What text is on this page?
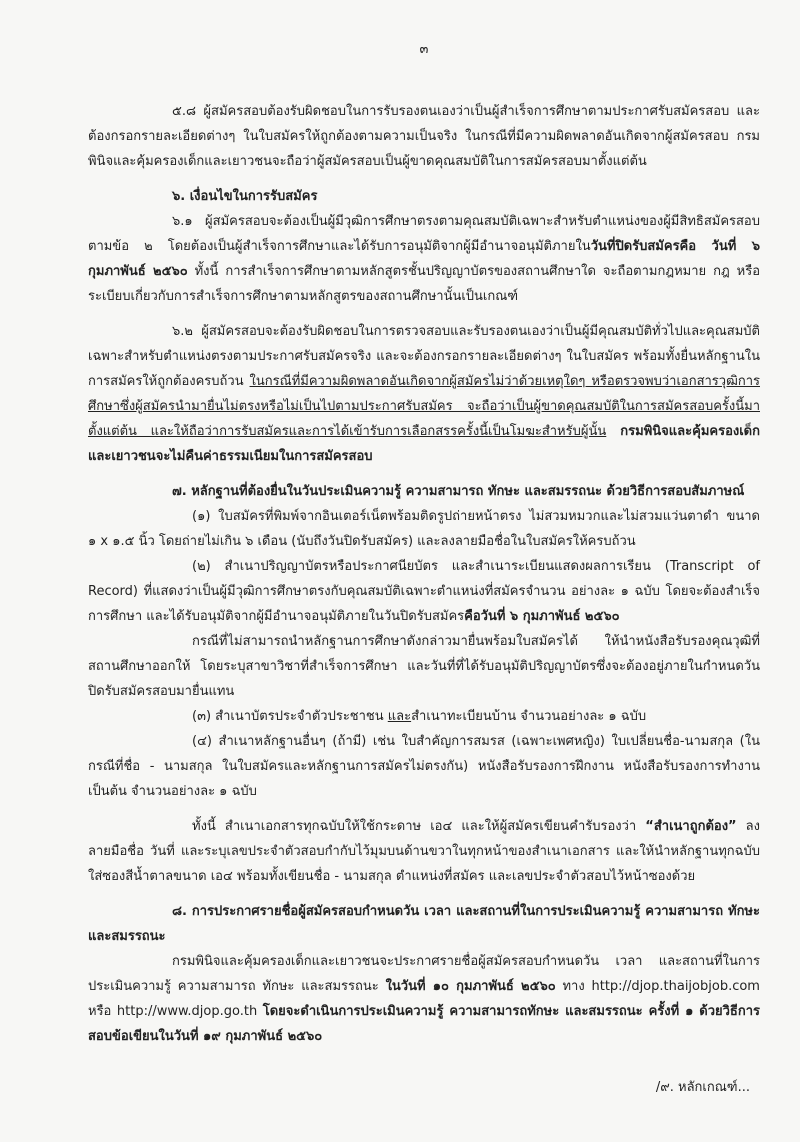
๓

๕.๘ ผู้สมัครสอบต้องรับผิดชอบในการรับรองตนเองว่าเป็นผู้สำเร็จการศึกษาตามประกาศรับสมัครสอบ และต้องกรอกรายละเอียดต่างๆ ในใบสมัครให้ถูกต้องตามความเป็นจริง ในกรณีที่มีความผิดพลาดอันเกิดจากผู้สมัครสอบ กรมพินิจและคุ้มครองเด็กและเยาวชนจะถือว่าผู้สมัครสอบเป็นผู้ขาดคุณสมบัติในการสมัครสอบมาตั้งแต่ต้น

๖. เงื่อนไขในการรับสมัคร

๖.๑ ผู้สมัครสอบจะต้องเป็นผู้มีวุฒิการศึกษาตรงตามคุณสมบัติเฉพาะสำหรับตำแหน่งของผู้มีสิทธิสมัครสอบตามข้อ ๒ โดยต้องเป็นผู้สำเร็จการศึกษาและได้รับการอนุมัติจากผู้มีอำนาจอนุมัติภายในวันที่ปิดรับสมัครคือ วันที่ ๖ กุมภาพันธ์ ๒๕๖๐ ทั้งนี้ การสำเร็จการศึกษาตามหลักสูตรชั้นปริญญาบัตรของสถานศึกษาใด จะถือตามกฎหมาย กฎ หรือระเบียบเกี่ยวกับการสำเร็จการศึกษาตามหลักสูตรของสถานศึกษานั้นเป็นเกณฑ์

๖.๒ ผู้สมัครสอบจะต้องรับผิดชอบในการตรวจสอบและรับรองตนเองว่าเป็นผู้มีคุณสมบัติทั่วไปและคุณสมบัติเฉพาะสำหรับตำแหน่งตรงตามประกาศรับสมัครจริง และจะต้องกรอกรายละเอียดต่างๆ ในใบสมัคร พร้อมทั้งยื่นหลักฐานในการสมัครให้ถูกต้องครบถ้วน ในกรณีที่มีความผิดพลาดอันเกิดจากผู้สมัครไม่ว่าด้วยเหตุใดๆ หรือตรวจพบว่าเอกสารวุฒิการศึกษาซึ่งผู้สมัครนำมายื่นไม่ตรงหรือไม่เป็นไปตามประกาศรับสมัคร จะถือว่าเป็นผู้ขาดคุณสมบัติในการสมัครสอบครั้งนี้มาตั้งแต่ต้น และให้ถือว่าการรับสมัครและการได้เข้ารับการเลือกสรรครั้งนี้เป็นโมฆะสำหรับผู้นั้น กรมพินิจและคุ้มครองเด็กและเยาวชนจะไม่คืนค่าธรรมเนียมในการสมัครสอบ

๗. หลักฐานที่ต้องยื่นในวันประเมินความรู้ ความสามารถ ทักษะ และสมรรถนะ ด้วยวิธีการสอบสัมภาษณ์

(๑) ใบสมัครที่พิมพ์จากอินเตอร์เน็ตพร้อมติดรูปถ่ายหน้าตรง ไม่สวมหมวกและไม่สวมแว่นตาดำ ขนาด ๑ x ๑.๕ นิ้ว โดยถ่ายไม่เกิน ๖ เดือน (นับถึงวันปิดรับสมัคร) และลงลายมือชื่อในใบสมัครให้ครบถ้วน

(๒) สำเนาปริญญาบัตรหรือประกาศนียบัตร และสำเนาระเบียนแสดงผลการเรียน (Transcript of Record) ที่แสดงว่าเป็นผู้มีวุฒิการศึกษาตรงกับคุณสมบัติเฉพาะตำแหน่งที่สมัครจำนวน อย่างละ ๑ ฉบับ โดยจะต้องสำเร็จการศึกษา และได้รับอนุมัติจากผู้มีอำนาจอนุมัติภายในวันปิดรับสมัครคือวันที่ ๖ กุมภาพันธ์ ๒๕๖๐

กรณีที่ไม่สามารถนำหลักฐานการศึกษาดังกล่าวมายื่นพร้อมใบสมัครได้ ให้นำหนังสือรับรองคุณวุฒิที่สถานศึกษาออกให้ โดยระบุสาขาวิชาที่สำเร็จการศึกษา และวันที่ที่ได้รับอนุมัติปริญญาบัตรซึ่งจะต้องอยู่ภายในกำหนดวันปิดรับสมัครสอบมายื่นแทน

(๓) สำเนาบัตรประจำตัวประชาชน และสำเนาทะเบียนบ้าน จำนวนอย่างละ ๑ ฉบับ

(๔) สำเนาหลักฐานอื่นๆ (ถ้ามี) เช่น ใบสำคัญการสมรส (เฉพาะเพศหญิง) ใบเปลี่ยนชื่อ-นามสกุล (ในกรณีที่ชื่อ - นามสกุล ในใบสมัครและหลักฐานการสมัครไม่ตรงกัน) หนังสือรับรองการฝึกงาน หนังสือรับรองการทำงาน เป็นต้น จำนวนอย่างละ ๑ ฉบับ

ทั้งนี้ สำเนาเอกสารทุกฉบับให้ใช้กระดาษ เอ๔ และให้ผู้สมัครเขียนคำรับรองว่า “สำเนาถูกต้อง” ลงลายมือชื่อ วันที่ และระบุเลขประจำตัวสอบกำกับไว้มุมบนด้านขวาในทุกหน้าของสำเนาเอกสาร และให้นำหลักฐานทุกฉบับใส่ซองสีน้ำตาลขนาด เอ๔ พร้อมทั้งเขียนชื่อ - นามสกุล ตำแหน่งที่สมัคร และเลขประจำตัวสอบไว้หน้าซองด้วย

๘. การประกาศรายชื่อผู้สมัครสอบกำหนดวัน เวลา และสถานที่ในการประเมินความรู้ ความสามารถ ทักษะ และสมรรถนะ

กรมพินิจและคุ้มครองเด็กและเยาวชนจะประกาศรายชื่อผู้สมัครสอบกำหนดวัน เวลา และสถานที่ในการประเมินความรู้ ความสามารถ ทักษะ และสมรรถนะ ในวันที่ ๑๐ กุมภาพันธ์ ๒๕๖๐ ทาง http://djop.thaijobjob.com หรือ http://www.djop.go.th โดยจะดำเนินการประเมินความรู้ ความสามารถทักษะ และสมรรถนะ ครั้งที่ ๑ ด้วยวิธีการสอบข้อเขียนในวันที่ ๑๙ กุมภาพันธ์ ๒๕๖๐

/๙. หลักเกณฑ์...
